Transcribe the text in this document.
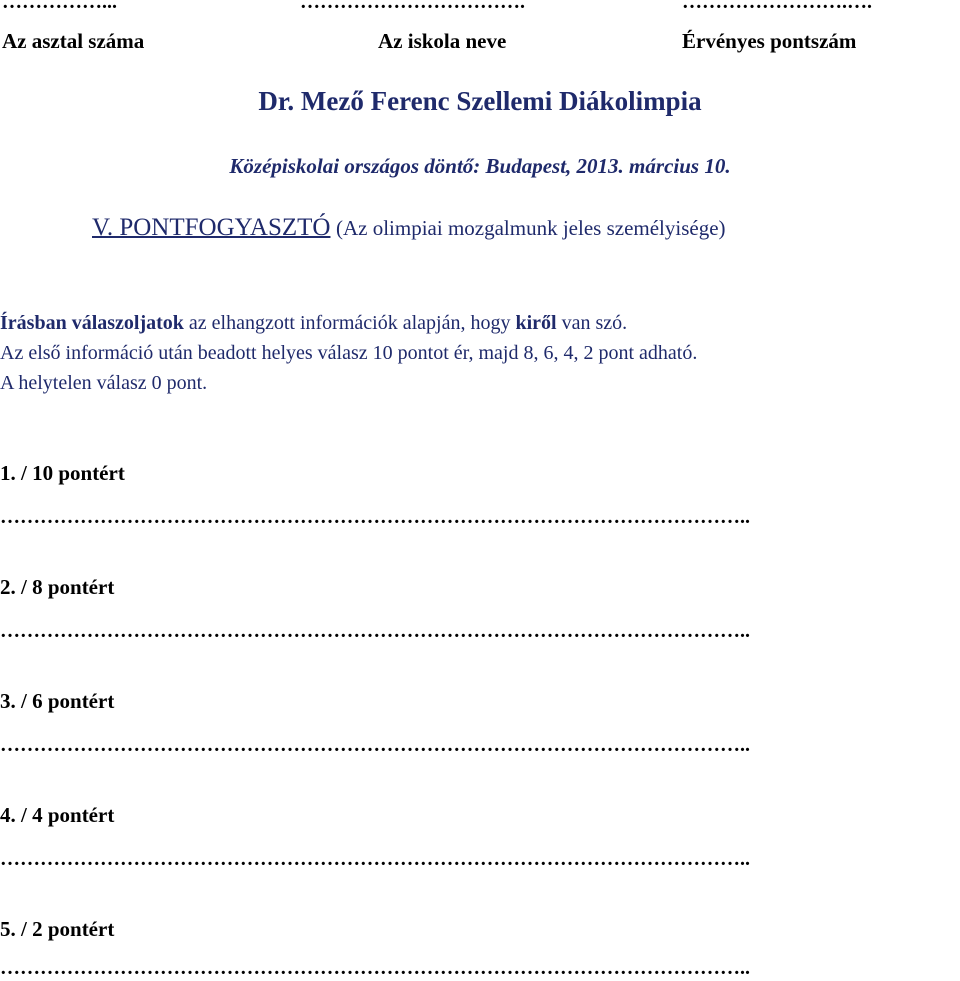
……………...	…………………………….	…………………….….
Az asztal száma	Az iskola neve	Érvényes pontszám
Dr. Mező Ferenc Szellemi Diákolimpia
Középiskolai országos döntő: Budapest, 2013. március 10.
V. PONTFOGYASZTÓ (Az olimpiai mozgalmunk jeles személyisége)
Írásban válaszoljatok az elhangzott információk alapján, hogy kiről van szó.
Az első információ után beadott helyes válasz 10 pontot ér, majd 8, 6, 4, 2 pont adható.
A helytelen válasz 0 pont.
1. / 10 pontért
…………………………………………………………………………………………………..
2. / 8 pontért
…………………………………………………………………………………………………..
3. / 6 pontért
…………………………………………………………………………………………………..
4. / 4 pontért
…………………………………………………………………………………………………..
5. / 2 pontért
…………………………………………………………………………………………………..
